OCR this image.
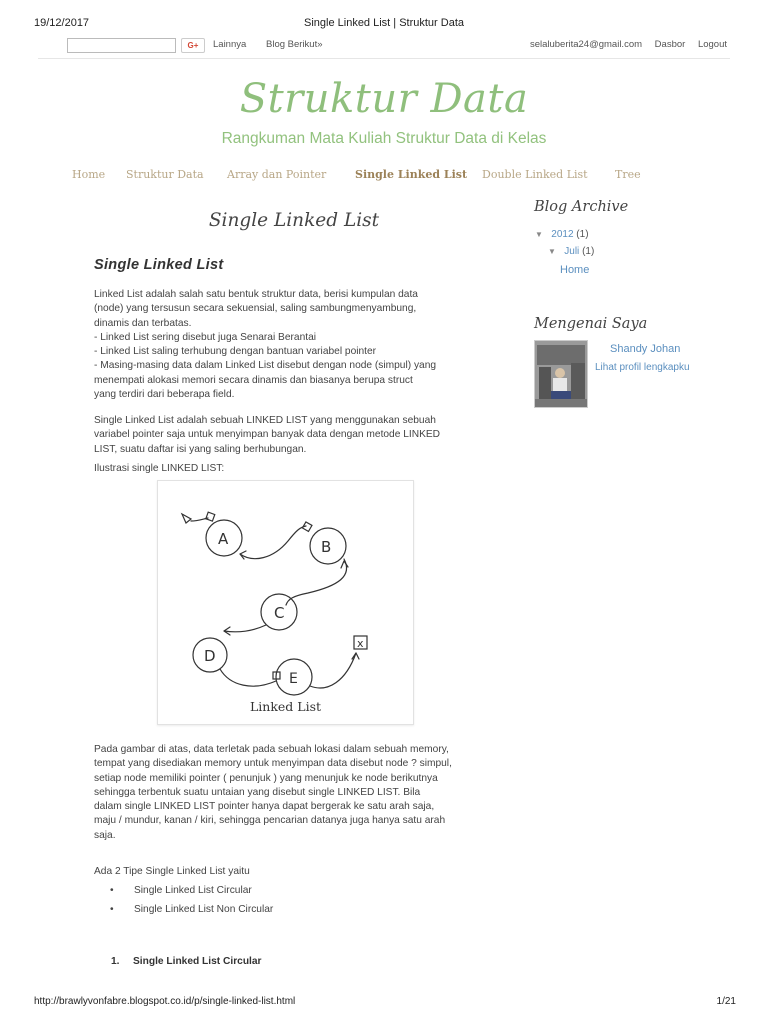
19/12/2017	Single Linked List | Struktur Data
G+	Lainnya Blog Berikut»	selaluberita24@gmail.com Dasbor Logout
Struktur Data
Rangkuman Mata Kuliah Struktur Data di Kelas
Home Struktur Data Array dan Pointer	Single Linked List Double Linked List Tree
Single Linked List
Single Linked List
Linked List adalah salah satu bentuk struktur data, berisi kumpulan data
(node) yang tersusun secara sekuensial, saling sambungmenyambung,
dinamis dan terbatas.
- Linked List sering disebut juga Senarai Berantai
- Linked List saling terhubung dengan bantuan variabel pointer
- Masing-masing data dalam Linked List disebut dengan node (simpul) yang
menempati alokasi memori secara dinamis dan biasanya berupa struct
yang terdiri dari beberapa field.
Single Linked List adalah sebuah LINKED LIST yang menggunakan sebuah
variabel pointer saja untuk menyimpan banyak data dengan metode LINKED
LIST, suatu daftar isi yang saling berhubungan.
Ilustrasi single LINKED LIST:
A	B
C
D
E
x
Linked List
Pada gambar di atas, data terletak pada sebuah lokasi dalam sebuah memory,
tempat yang disediakan memory untuk menyimpan data disebut node ? simpul,
setiap node memiliki pointer ( penunjuk ) yang menunjuk ke node berikutnya
sehingga terbentuk suatu untaian yang disebut single LINKED LIST. Bila
dalam single LINKED LIST pointer hanya dapat bergerak ke satu arah saja,
maju / mundur, kanan / kiri, sehingga pencarian datanya juga hanya satu arah
saja.
Ada 2 Tipe Single Linked List yaitu
• Single Linked List Circular
• Single Linked List Non Circular
1. Single Linked List Circular
Blog Archive
▼ 2012 (1)
▼ Juli (1)
Home
Mengenai Saya
Shandy Johan
Lihat profil lengkapku
http://brawlyvonfabre.blogspot.co.id/p/single-linked-list.html	1/21
